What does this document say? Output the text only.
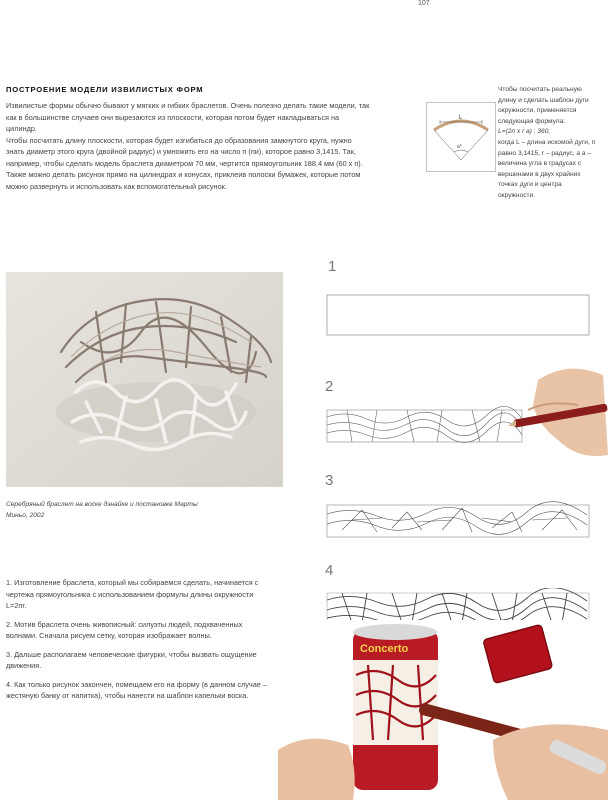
107
ПОСТРОЕНИЕ МОДЕЛИ ИЗВИЛИСТЫХ ФОРМ

Извилистые формы обычно бывают у мягких и гибких браслетов. Очень полезно делать такие модели, так как в большинстве случаев они вырезаются из плоскости, которая потом будет накладываться на цилиндр.

Чтобы посчитать длину плоскости, которая будет изгибаться до образования замкнутого круга, нужно знать диаметр этого круга (двойной радиус) и умножить его на число п (пи), которое равно 3,1415. Так, например, чтобы сделать модель браслета диаметром 70 мм, чертится прямоугольник 188,4 мм (60 х п).

Также можно делать рисунок прямо на цилиндрах и конусах, приклеив полоски бумажек, которые потом можно развернуть и использовать как вспомогательный рисунок.

L
a°

Чтобы посчитать реальную длину и сделать шаблон дуги окружности, применяется следующая формула:

L=(2п x r a) : 360,

когда L – длина искомой дуги, п равно 3,1415, r – радиус, а a – величина угла в градусах с вершинами в двух крайних точках дуги и центра окружности.

Серебряный браслет на воске дэнайке и постановке Марты Миньо, 2002
1
2
3
4

1. Изготовление браслета, который мы собираемся сделать, начинается с чертежа прямоугольника с использованием формулы длины окружности L=2пr.

2. Мотив браслета очень живописный: силуэты людей, подхваченных волнами. Сначала рисуем сетку, которая изображает волны.

3. Дальше располагаем человеческие фигурки, чтобы вызвать ощущение движения.

4. Как только рисунок закончен, помещаем его на форму (в данном случае – жестяную банку от напитка), чтобы нанести на шаблон капельки воска.

Concerto
